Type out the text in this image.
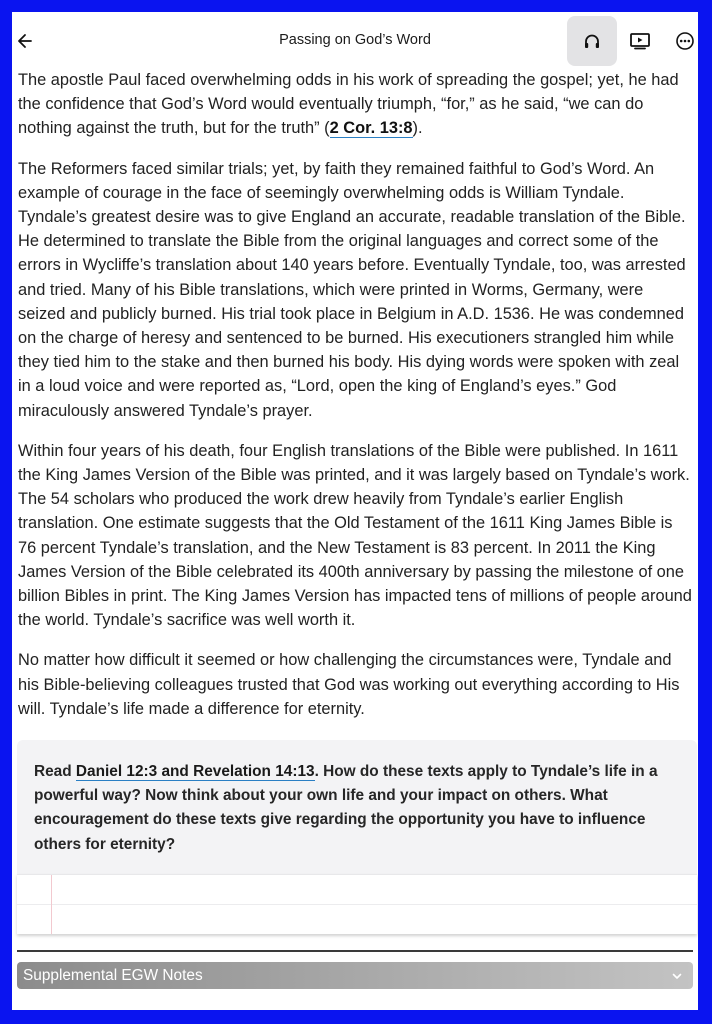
Passing on God’s Word

The apostle Paul faced overwhelming odds in his work of spreading the gospel; yet, he had the confidence that God’s Word would eventually triumph, “for,” as he said, “we can do nothing against the truth, but for the truth” (2 Cor. 13:8).

The Reformers faced similar trials; yet, by faith they remained faithful to God’s Word. An example of courage in the face of seemingly overwhelming odds is William Tyndale. Tyndale’s greatest desire was to give England an accurate, readable translation of the Bible. He determined to translate the Bible from the original languages and correct some of the errors in Wycliffe’s translation about 140 years before. Eventually Tyndale, too, was arrested and tried. Many of his Bible translations, which were printed in Worms, Germany, were seized and publicly burned. His trial took place in Belgium in A.D. 1536. He was condemned on the charge of heresy and sentenced to be burned. His executioners strangled him while they tied him to the stake and then burned his body. His dying words were spoken with zeal in a loud voice and were reported as, “Lord, open the king of England’s eyes.” God miraculously answered Tyndale’s prayer.

Within four years of his death, four English translations of the Bible were published. In 1611 the King James Version of the Bible was printed, and it was largely based on Tyndale’s work. The 54 scholars who produced the work drew heavily from Tyndale’s earlier English translation. One estimate suggests that the Old Testament of the 1611 King James Bible is 76 percent Tyndale’s translation, and the New Testament is 83 percent. In 2011 the King James Version of the Bible celebrated its 400th anniversary by passing the milestone of one billion Bibles in print. The King James Version has impacted tens of millions of people around the world. Tyndale’s sacrifice was well worth it.

No matter how difficult it seemed or how challenging the circumstances were, Tyndale and his Bible-believing colleagues trusted that God was working out everything according to His will. Tyndale’s life made a difference for eternity.

Read Daniel 12:3 and Revelation 14:13. How do these texts apply to Tyndale’s life in a powerful way? Now think about your own life and your impact on others. What encouragement do these texts give regarding the opportunity you have to influence others for eternity?
Supplemental EGW Notes
